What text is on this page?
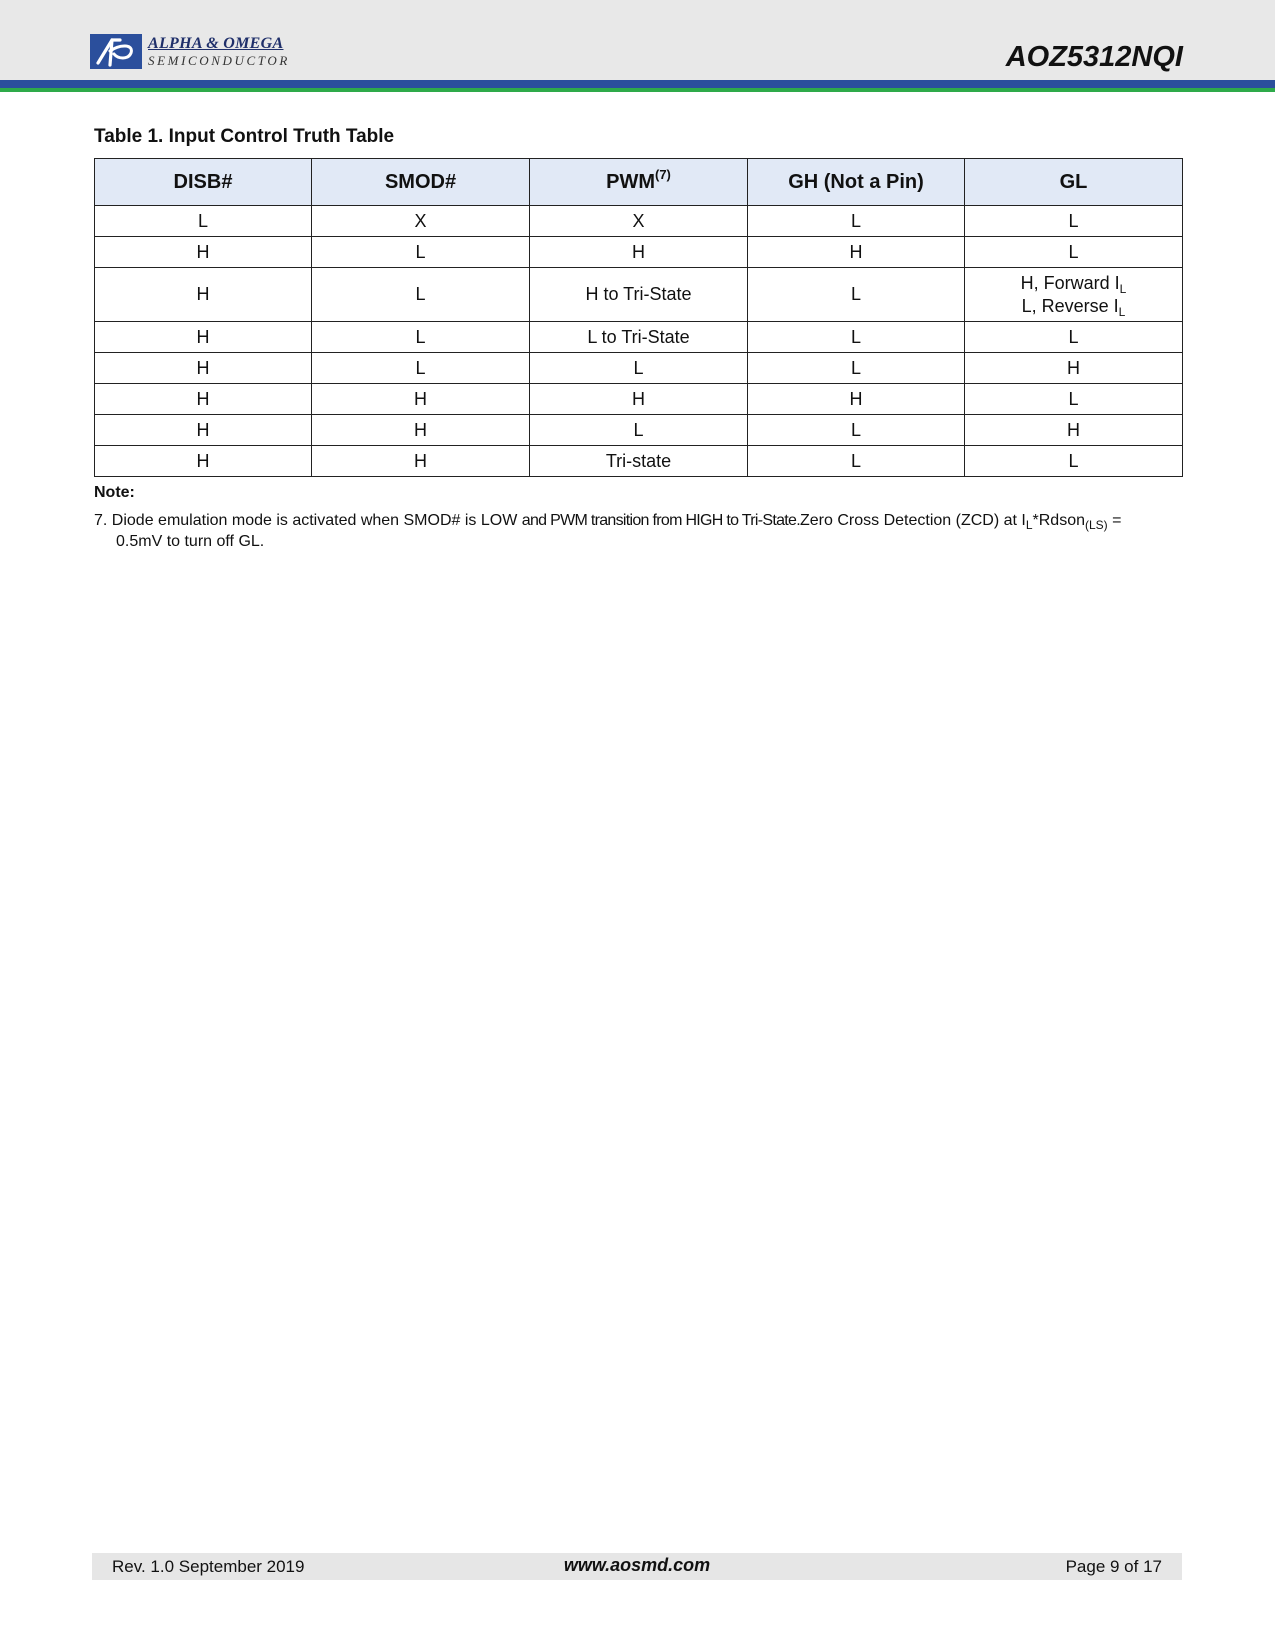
ALPHA & OMEGA
SEMICONDUCTOR	AOZ5312NQI
Table 1. Input Control Truth Table
DISB#	SMOD#	PWM$^{(7)}$	GH (Not a Pin)	GL
L	X	X	L	L
H	L	H	H	L
H	L	H to Tri-State	L	H, Forward $I_L$
L, Reverse $I_L$

H	L	L to Tri-State	L	L
H	L	L	L	H
H	H	H	H	L
H	H	L	L	H
H	H	Tri-state	L	L
Note:
7. Diode emulation mode is activated when SMOD# is LOW and PWM transition from HIGH to Tri-State.Zero Cross Detection (ZCD) at $I_L*Rdson_{(LS)}$ =
0.5mV to turn off GL.
Rev. 1.0 September 2019	www.aosmd.com	Page 9 of 17
